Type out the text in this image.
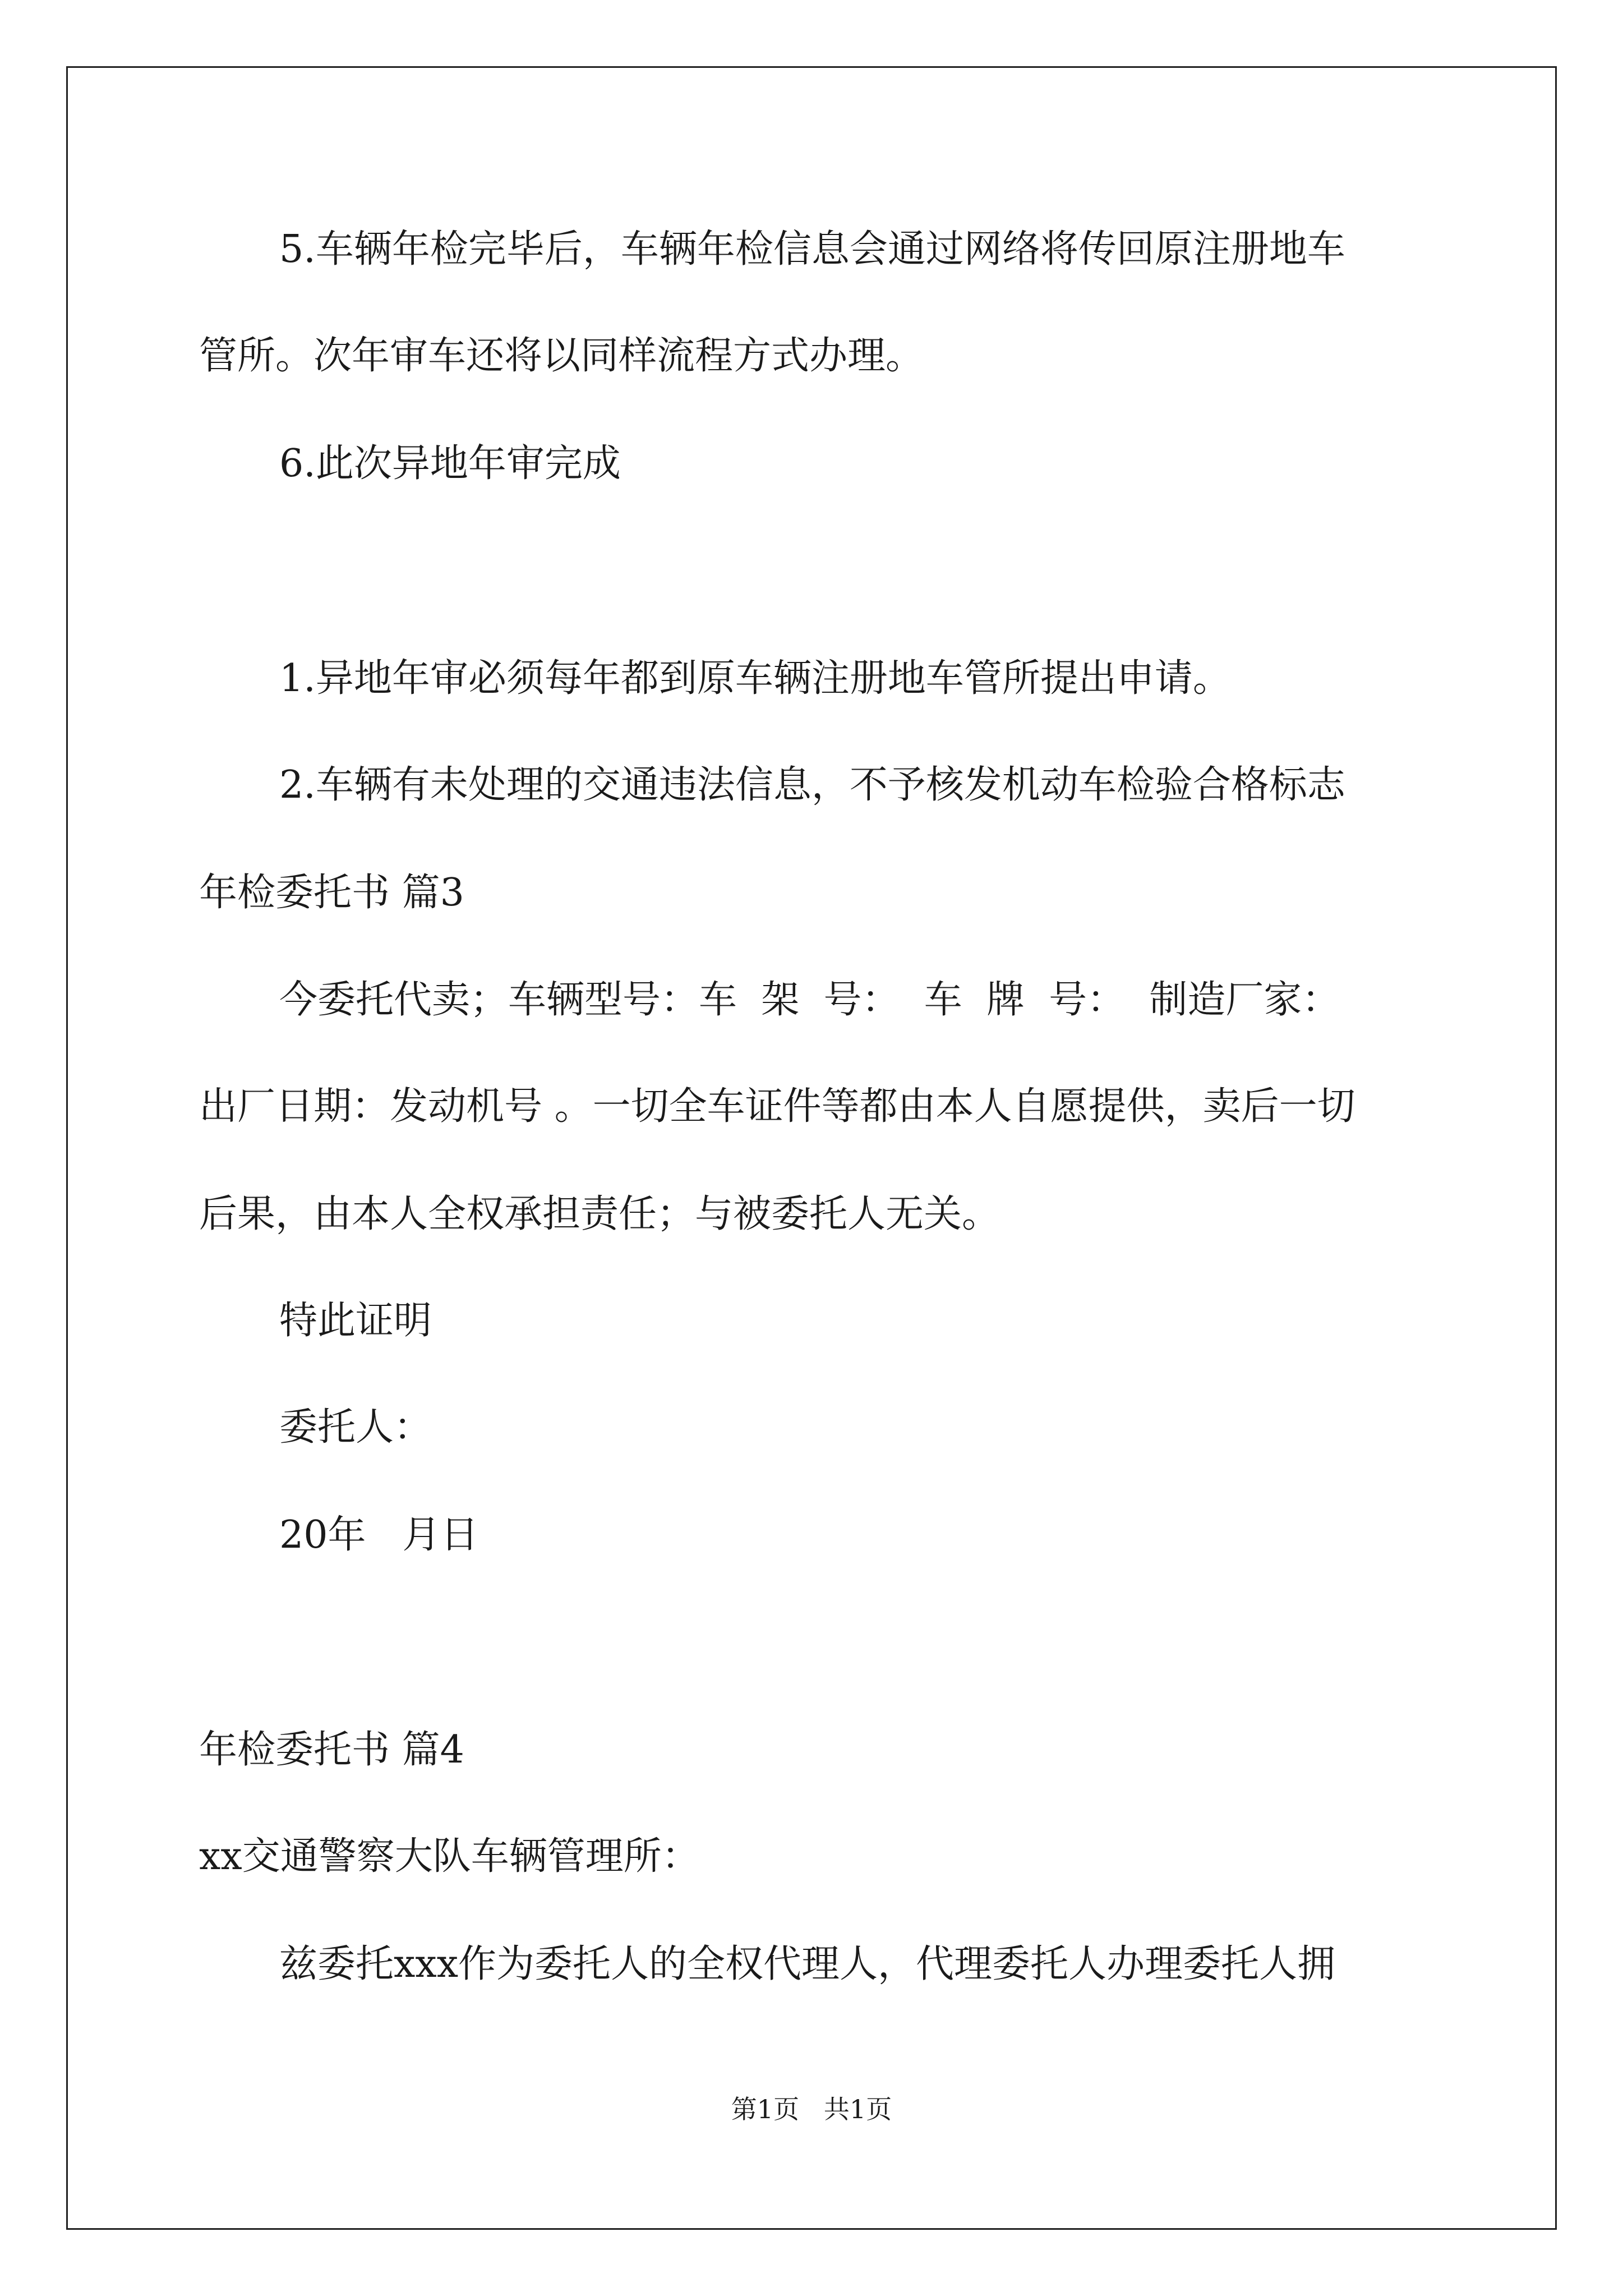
5.车辆年检完毕后，车辆年检信息会通过网络将传回原注册地车
管所。次年审车还将以同样流程方式办理。
6.此次异地年审完成
1.异地年审必须每年都到原车辆注册地车管所提出申请。
2.车辆有未处理的交通违法信息，不予核发机动车检验合格标志
年检委托书 篇3
今委托代卖；车辆型号：车  架  号：  车  牌  号：  制造厂家：
出厂日期：发动机号 。一切全车证件等都由本人自愿提供，卖后一切
后果，由本人全权承担责任；与被委托人无关。
特此证明
委托人：
20年   月日
年检委托书 篇4
xx交通警察大队车辆管理所：
兹委托xxx作为委托人的全权代理人，代理委托人办理委托人拥
第1页   共1页
